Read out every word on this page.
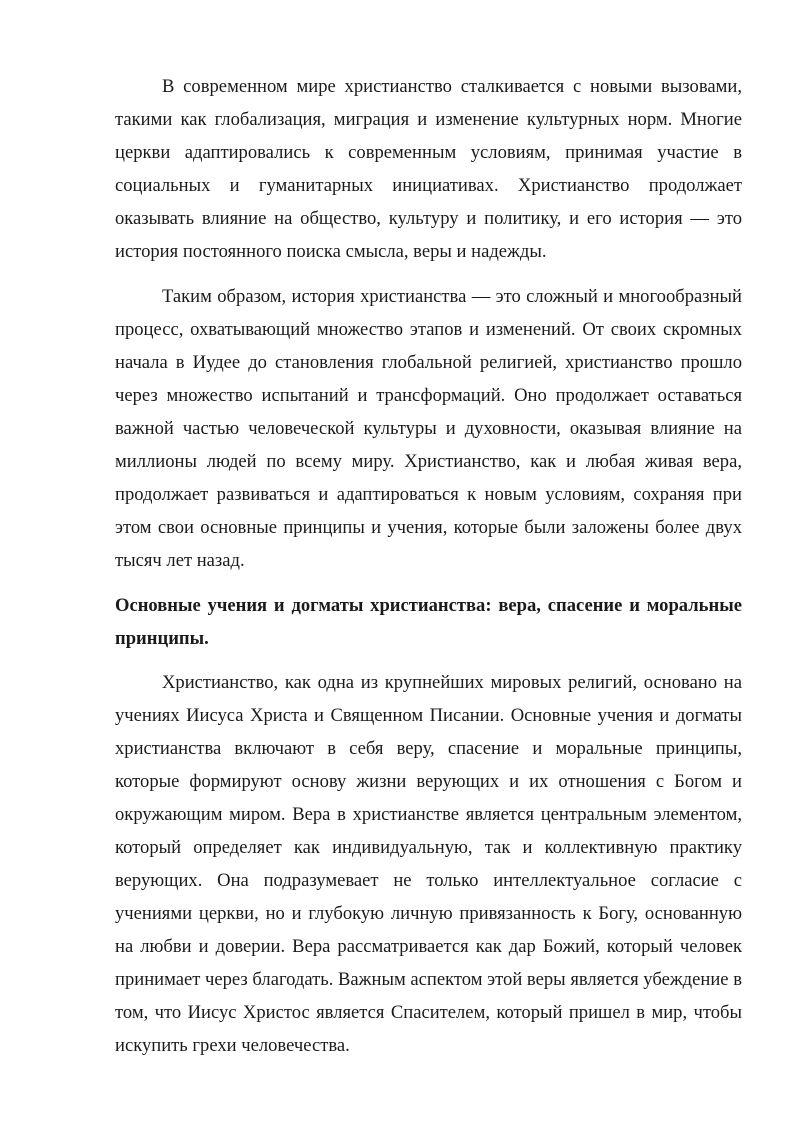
В современном мире христианство сталкивается с новыми вызовами, такими как глобализация, миграция и изменение культурных норм. Многие церкви адаптировались к современным условиям, принимая участие в социальных и гуманитарных инициативах. Христианство продолжает оказывать влияние на общество, культуру и политику, и его история — это история постоянного поиска смысла, веры и надежды.

Таким образом, история христианства — это сложный и многообразный процесс, охватывающий множество этапов и изменений. От своих скромных начала в Иудее до становления глобальной религией, христианство прошло через множество испытаний и трансформаций. Оно продолжает оставаться важной частью человеческой культуры и духовности, оказывая влияние на миллионы людей по всему миру. Христианство, как и любая живая вера, продолжает развиваться и адаптироваться к новым условиям, сохраняя при этом свои основные принципы и учения, которые были заложены более двух тысяч лет назад.

Основные учения и догматы христианства: вера, спасение и моральные принципы.

Христианство, как одна из крупнейших мировых религий, основано на учениях Иисуса Христа и Священном Писании. Основные учения и догматы христианства включают в себя веру, спасение и моральные принципы, которые формируют основу жизни верующих и их отношения с Богом и окружающим миром. Вера в христианстве является центральным элементом, который определяет как индивидуальную, так и коллективную практику верующих. Она подразумевает не только интеллектуальное согласие с учениями церкви, но и глубокую личную привязанность к Богу, основанную на любви и доверии. Вера рассматривается как дар Божий, который человек принимает через благодать. Важным аспектом этой веры является убеждение в том, что Иисус Христос является Спасителем, который пришел в мир, чтобы искупить грехи человечества.
